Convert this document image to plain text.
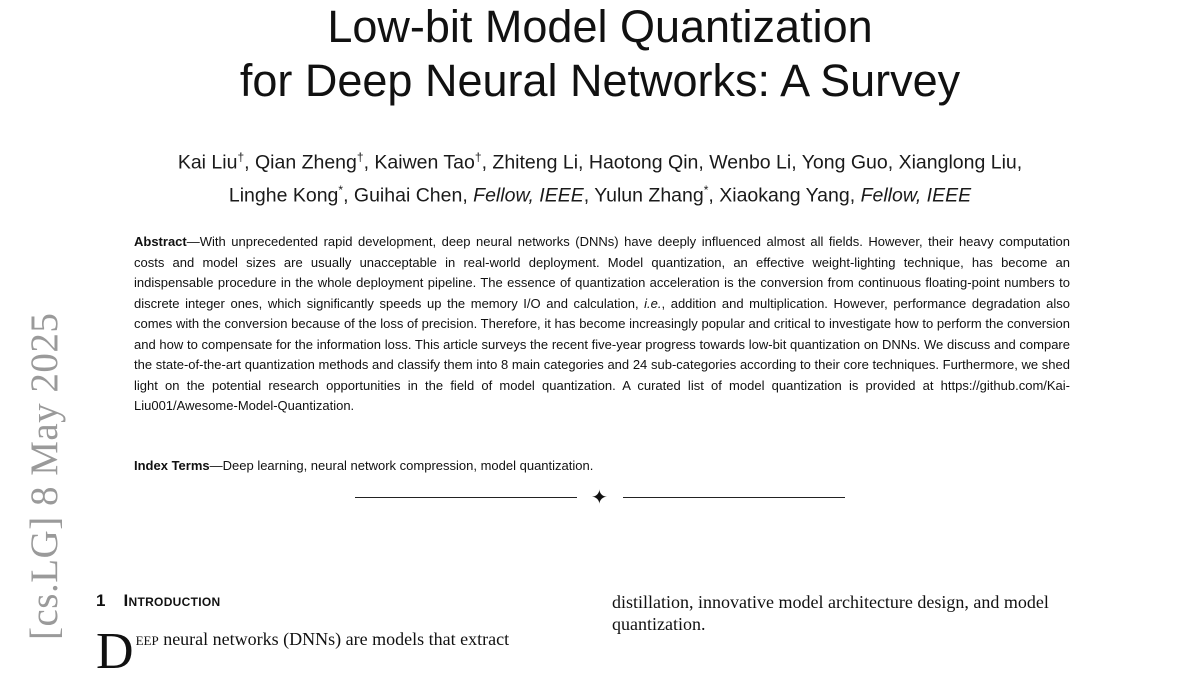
[cs.LG] 8 May 2025
Low-bit Model Quantization
for Deep Neural Networks: A Survey
Kai Liu†, Qian Zheng†, Kaiwen Tao†, Zhiteng Li, Haotong Qin, Wenbo Li, Yong Guo, Xianglong Liu,
Linghe Kong*, Guihai Chen, Fellow, IEEE, Yulun Zhang*, Xiaokang Yang, Fellow, IEEE
Abstract—With unprecedented rapid development, deep neural networks (DNNs) have deeply influenced almost all fields. However, their heavy computation costs and model sizes are usually unacceptable in real-world deployment. Model quantization, an effective weight-lighting technique, has become an indispensable procedure in the whole deployment pipeline. The essence of quantization acceleration is the conversion from continuous floating-point numbers to discrete integer ones, which significantly speeds up the memory I/O and calculation, i.e., addition and multiplication. However, performance degradation also comes with the conversion because of the loss of precision. Therefore, it has become increasingly popular and critical to investigate how to perform the conversion and how to compensate for the information loss. This article surveys the recent five-year progress towards low-bit quantization on DNNs. We discuss and compare the state-of-the-art quantization methods and classify them into 8 main categories and 24 sub-categories according to their core techniques. Furthermore, we shed light on the potential research opportunities in the field of model quantization. A curated list of model quantization is provided at https://github.com/Kai-Liu001/Awesome-Model-Quantization.
Index Terms—Deep learning, neural network compression, model quantization.
✦
1 Introduction
Deep neural networks (DNNs) are models that extract
distillation, innovative model architecture design, and model quantization.
